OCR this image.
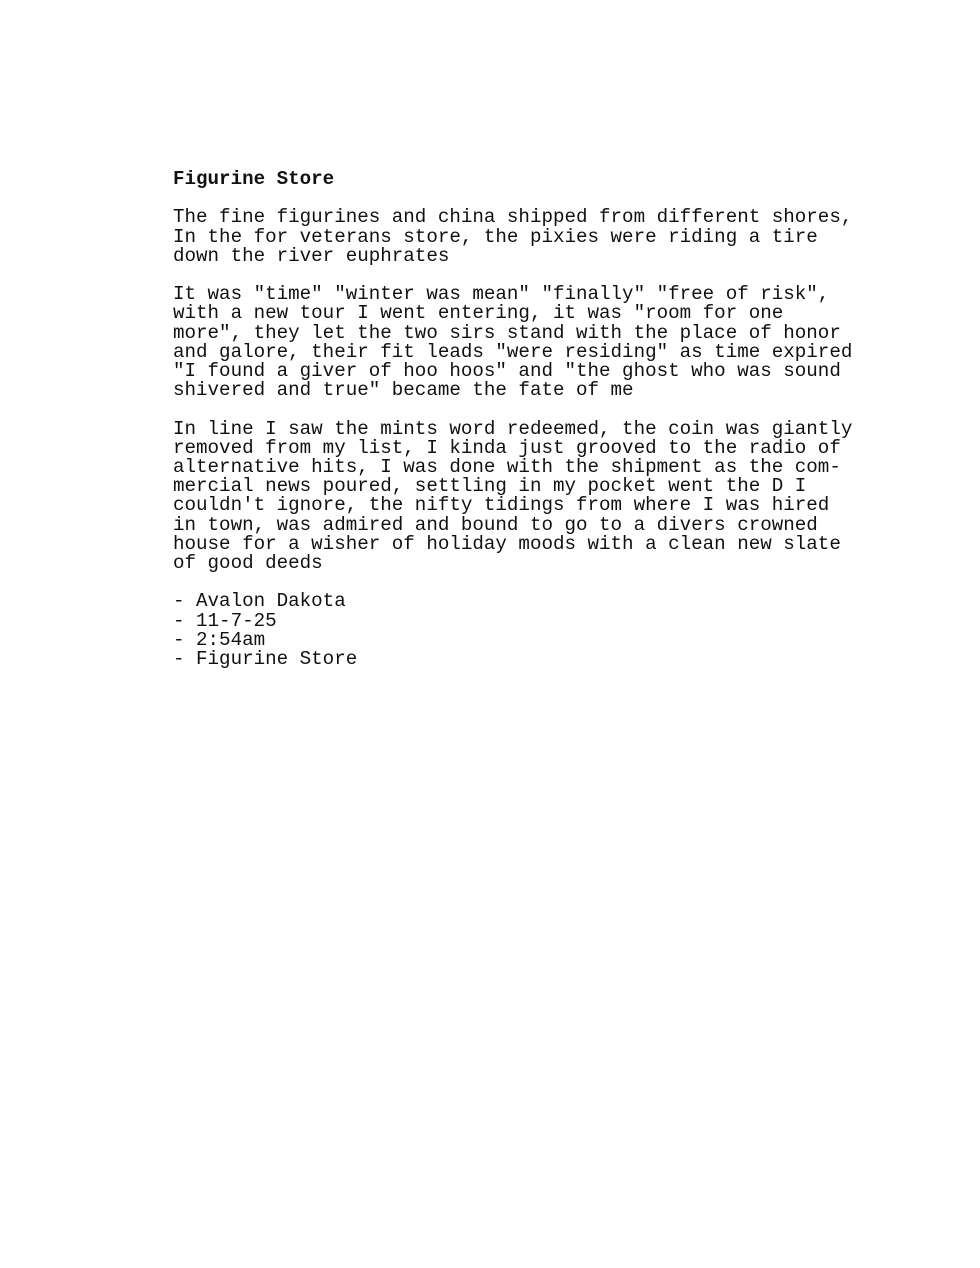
Figurine Store

The fine figurines and china shipped from different shores,
In the for veterans store, the pixies were riding a tire
down the river euphrates

It was "time" "winter was mean" "finally" "free of risk",
with a new tour I went entering, it was "room for one
more", they let the two sirs stand with the place of honor
and galore, their fit leads "were residing" as time expired
"I found a giver of hoo hoos" and "the ghost who was sound
shivered and true" became the fate of me

In line I saw the mints word redeemed, the coin was giantly
removed from my list, I kinda just grooved to the radio of
alternative hits, I was done with the shipment as the com-
mercial news poured, settling in my pocket went the D I
couldn't ignore, the nifty tidings from where I was hired
in town, was admired and bound to go to a divers crowned
house for a wisher of holiday moods with a clean new slate
of good deeds

- Avalon Dakota
- 11-7-25
- 2:54am
- Figurine Store
